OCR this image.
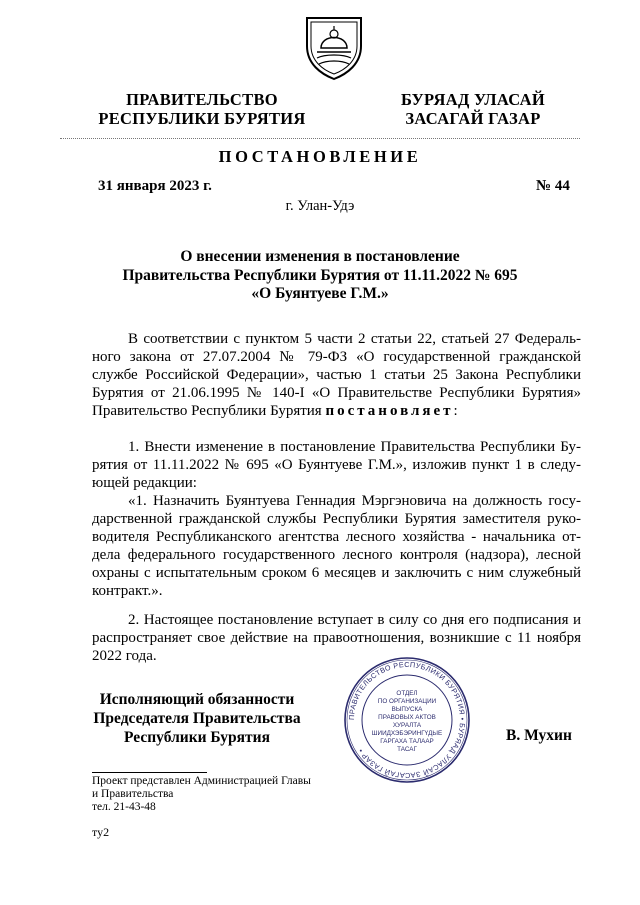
ПРАВИТЕЛЬСТВО
РЕСПУБЛИКИ БУРЯТИЯ
БУРЯАД УЛАСАЙ
ЗАСАГАЙ ГАЗАР
ПОСТАНОВЛЕНИЕ
31 января 2023 г.	№ 44
г. Улан-Удэ
О внесении изменения в постановление
Правительства Республики Бурятия от 11.11.2022 № 695
«О Буянтуеве Г.М.»
В соответствии с пунктом 5 части 2 статьи 22, статьей 27 Федераль-
ного закона от 27.07.2004 № 79-ФЗ «О государственной гражданской
службе Российской Федерации», частью 1 статьи 25 Закона Республики
Бурятия от 21.06.1995 № 140-I «О Правительстве Республики Бурятия»
Правительство Республики Бурятия постановляет:
1. Внести изменение в постановление Правительства Республики Бу-
рятия от 11.11.2022 № 695 «О Буянтуеве Г.М.», изложив пункт 1 в следу-
ющей редакции:
«1. Назначить Буянтуева Геннадия Мэргэновича на должность госу-
дарственной гражданской службы Республики Бурятия заместителя руко-
водителя Республиканского агентства лесного хозяйства - начальника от-
дела федерального государственного лесного контроля (надзора), лесной
охраны с испытательным сроком 6 месяцев и заключить с ним служебный
контракт.».
2. Настоящее постановление вступает в силу со дня его подписания и
распространяет свое действие на правоотношения, возникшие с 11 ноября
2022 года.
Исполняющий обязанности
Председателя Правительства
Республики Бурятия
ПРАВИТЕЛЬСТВО РЕСПУБЛИКИ БУРЯТИЯ • БУРЯАД УЛАСАЙ ЗАСАГАЙ ГАЗАР •
ОТДЕЛ
ПО ОРГАНИЗАЦИИ
ВЫПУСКА
ПРАВОВЫХ АКТОВ
ХУРАЛТА
ШИИДХЭБЭРИНГҮДЫЕ
ГАРГАХА ТАЛААР
ТАСАГ
В. Мухин
Проект представлен Администрацией Главы
и Правительства
тел. 21-43-48
ту2
